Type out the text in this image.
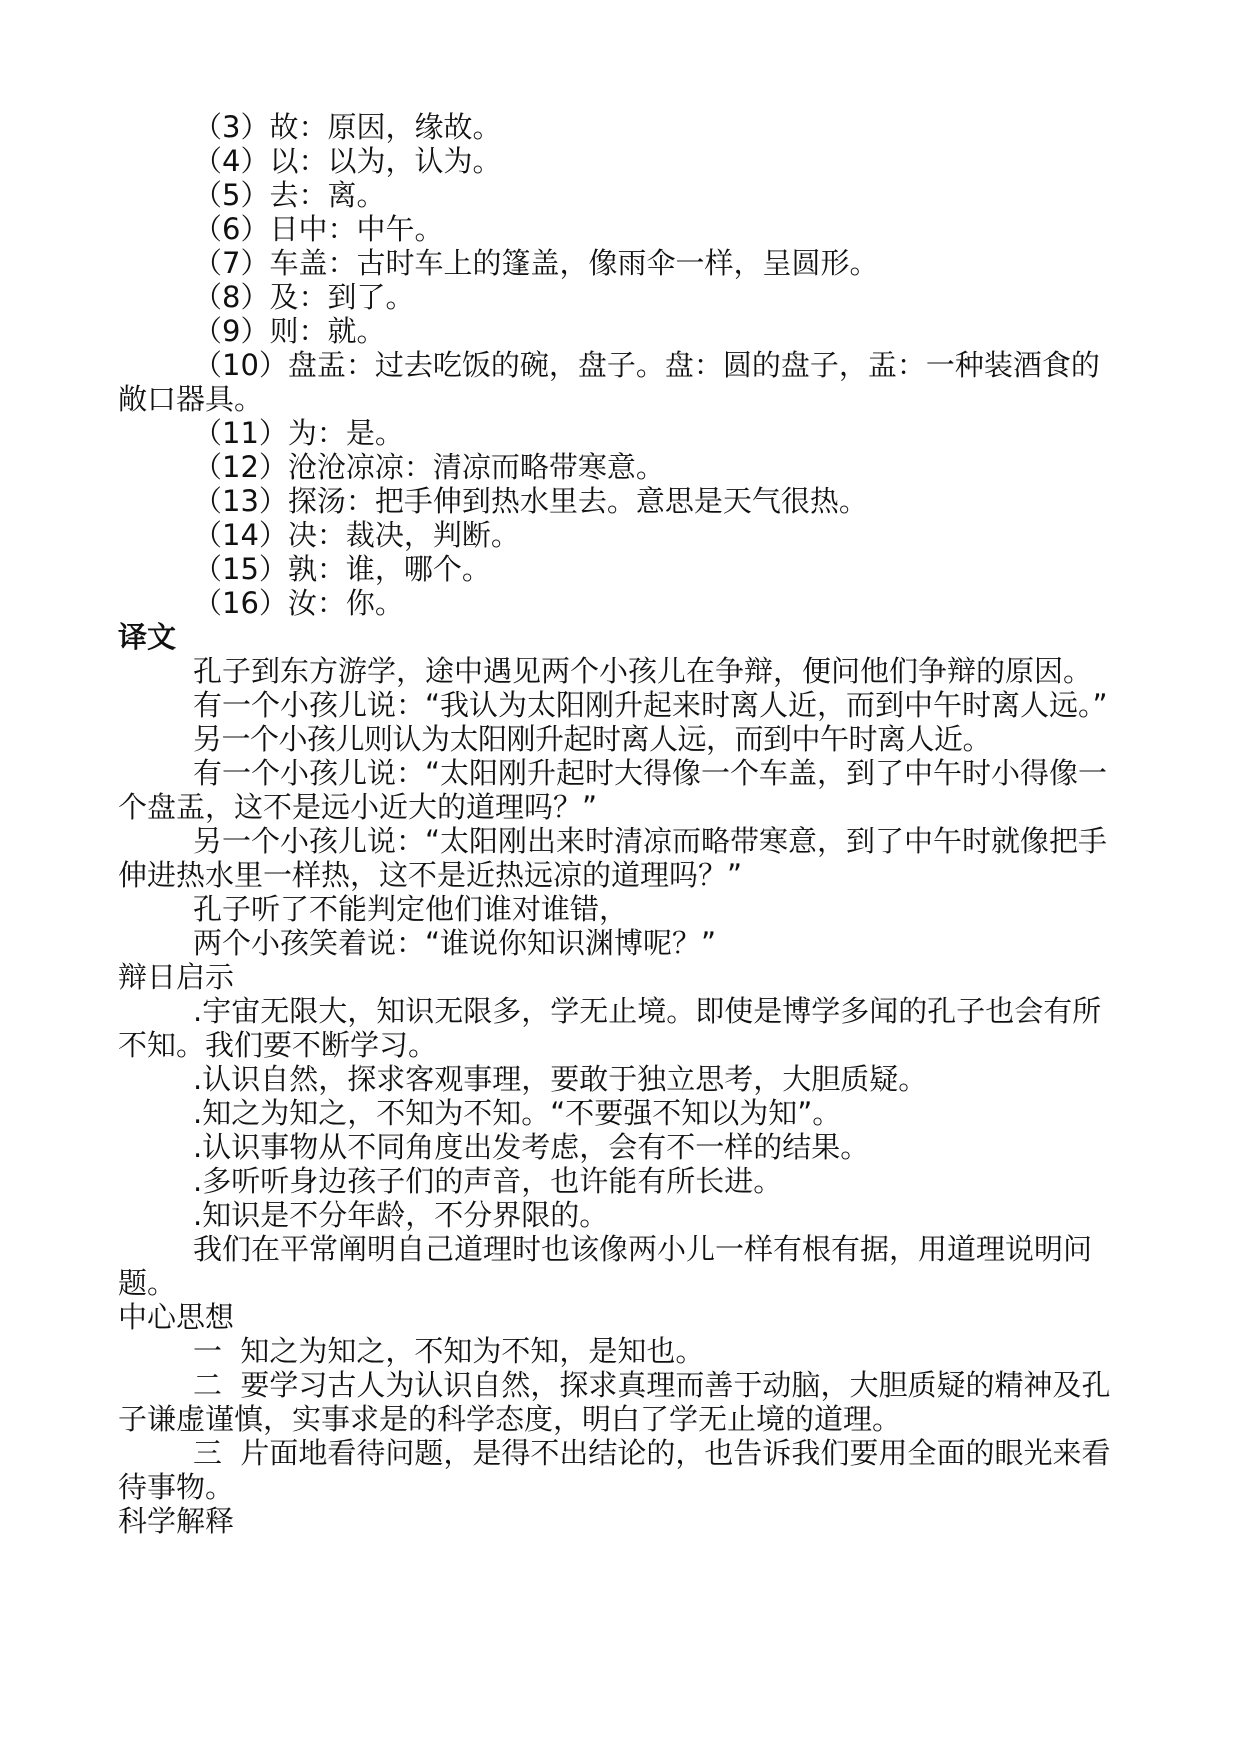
（3）故：原因，缘故。

（4）以：以为，认为。

（5）去：离。

（6）日中：中午。

（7）车盖：古时车上的篷盖，像雨伞一样，呈圆形。

（8）及：到了。

（9）则：就。

（10）盘盂：过去吃饭的碗，盘子。盘：圆的盘子，盂：一种装酒食的敞口器具。

（11）为：是。

（12）沧沧凉凉：清凉而略带寒意。

（13）探汤：把手伸到热水里去。意思是天气很热。

（14）决：裁决，判断。

（15）孰：谁，哪个。

（16）汝：你。

译文

孔子到东方游学，途中遇见两个小孩儿在争辩，便问他们争辩的原因。

有一个小孩儿说：“我认为太阳刚升起来时离人近，而到中午时离人远。”

另一个小孩儿则认为太阳刚升起时离人远，而到中午时离人近。

有一个小孩儿说：“太阳刚升起时大得像一个车盖，到了中午时小得像一个盘盂，这不是远小近大的道理吗？”

另一个小孩儿说：“太阳刚出来时清凉而略带寒意，到了中午时就像把手伸进热水里一样热，这不是近热远凉的道理吗？”

孔子听了不能判定他们谁对谁错，

两个小孩笑着说：“谁说你知识渊博呢？”

辩日启示

.宇宙无限大，知识无限多，学无止境。即使是博学多闻的孔子也会有所不知。我们要不断学习。

.认识自然，探求客观事理，要敢于独立思考，大胆质疑。

.知之为知之，不知为不知。“不要强不知以为知”。

.认识事物从不同角度出发考虑，会有不一样的结果。

.多听听身边孩子们的声音，也许能有所长进。

.知识是不分年龄，不分界限的。

我们在平常阐明自己道理时也该像两小儿一样有根有据，用道理说明问题。

中心思想

一  知之为知之，不知为不知，是知也。

二  要学习古人为认识自然，探求真理而善于动脑，大胆质疑的精神及孔子谦虚谨慎，实事求是的科学态度，明白了学无止境的道理。

三  片面地看待问题，是得不出结论的，也告诉我们要用全面的眼光来看待事物。

科学解释
